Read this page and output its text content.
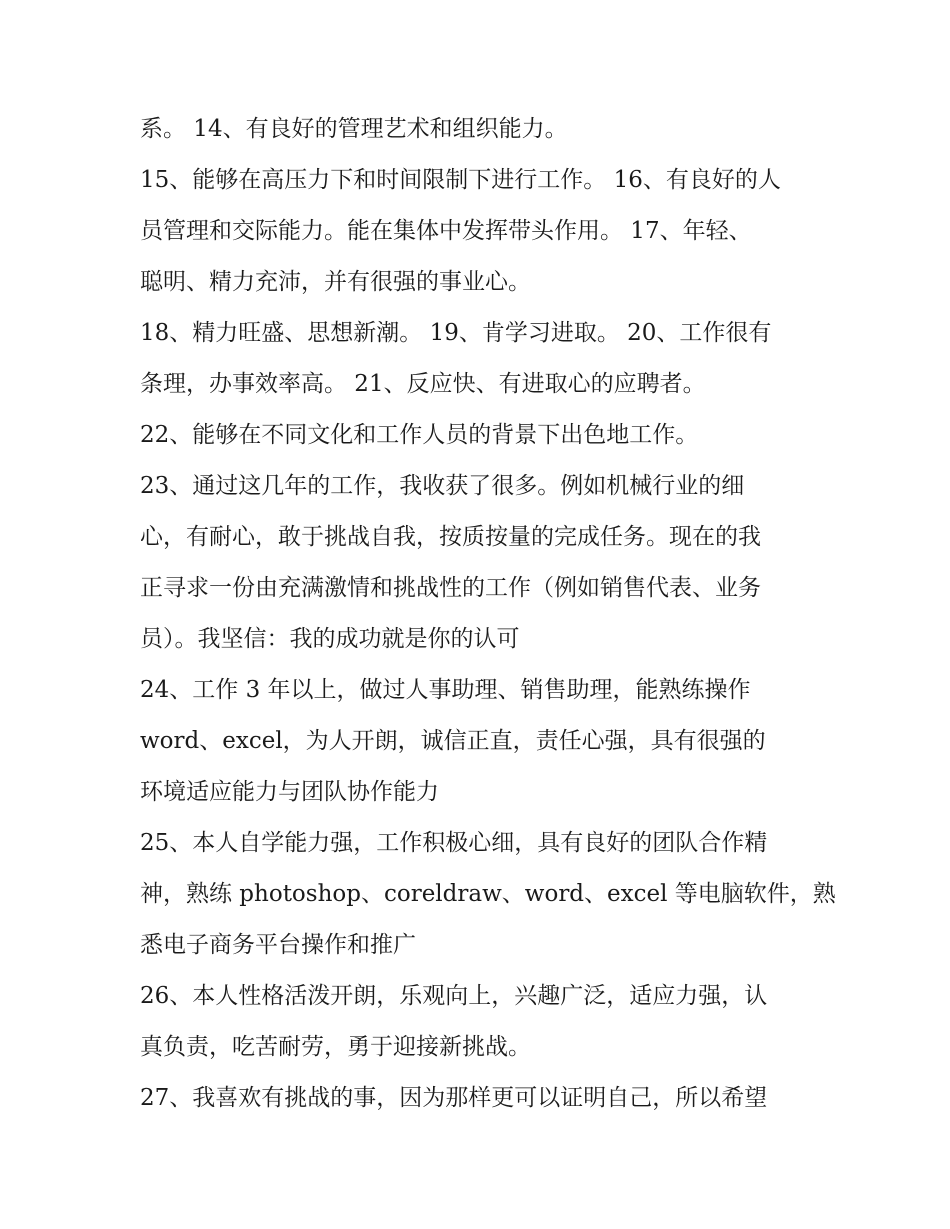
系。 14、有良好的管理艺术和组织能力。
15、能够在高压力下和时间限制下进行工作。 16、有良好的人
员管理和交际能力。能在集体中发挥带头作用。 17、年轻、
聪明、精力充沛，并有很强的事业心。
18、精力旺盛、思想新潮。 19、肯学习进取。 20、工作很有
条理，办事效率高。 21、反应快、有进取心的应聘者。
22、能够在不同文化和工作人员的背景下出色地工作。
23、通过这几年的工作，我收获了很多。例如机械行业的细
心，有耐心，敢于挑战自我，按质按量的完成任务。现在的我
正寻求一份由充满激情和挑战性的工作（例如销售代表、业务
员）。我坚信：我的成功就是你的认可
24、工作 3 年以上，做过人事助理、销售助理，能熟练操作
word、excel，为人开朗，诚信正直，责任心强，具有很强的
环境适应能力与团队协作能力
25、本人自学能力强，工作积极心细，具有良好的团队合作精
神，熟练 photoshop、coreldraw、word、excel 等电脑软件，熟
悉电子商务平台操作和推广
26、本人性格活泼开朗，乐观向上，兴趣广泛，适应力强，认
真负责，吃苦耐劳，勇于迎接新挑战。
27、我喜欢有挑战的事，因为那样更可以证明自己，所以希望
